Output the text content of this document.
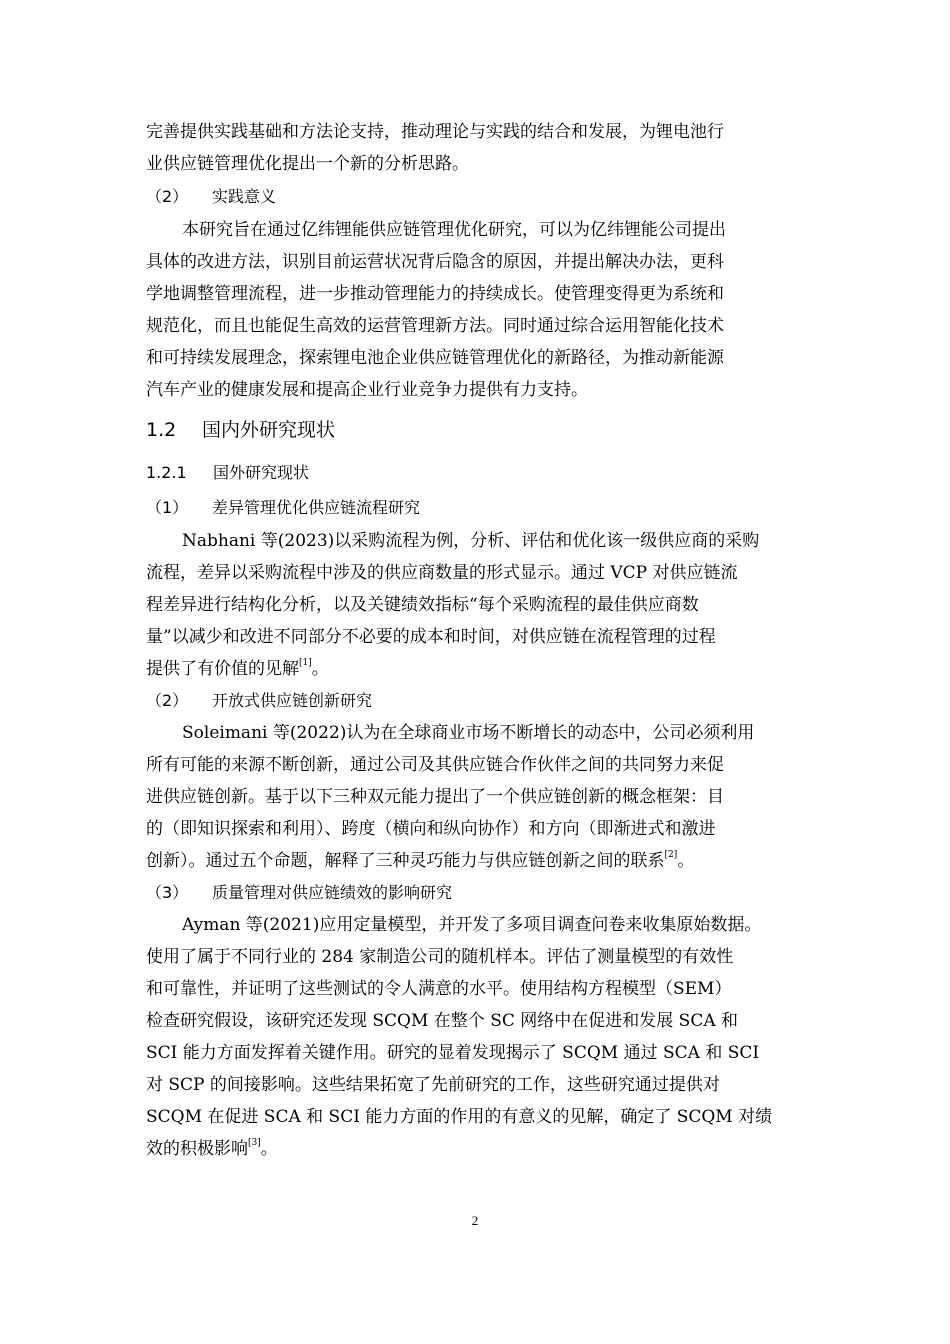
完善提供实践基础和方法论支持，推动理论与实践的结合和发展，为锂电池行
业供应链管理优化提出一个新的分析思路。
（2） 实践意义
本研究旨在通过亿纬锂能供应链管理优化研究，可以为亿纬锂能公司提出
具体的改进方法，识别目前运营状况背后隐含的原因，并提出解决办法，更科
学地调整管理流程，进一步推动管理能力的持续成长。使管理变得更为系统和
规范化，而且也能促生高效的运营管理新方法。同时通过综合运用智能化技术
和可持续发展理念，探索锂电池企业供应链管理优化的新路径，为推动新能源
汽车产业的健康发展和提高企业行业竞争力提供有力支持。
1.2 国内外研究现状
1.2.1 国外研究现状
（1） 差异管理优化供应链流程研究
Nabhani 等(2023)以采购流程为例，分析、评估和优化该一级供应商的采购
流程，差异以采购流程中涉及的供应商数量的形式显示。通过 VCP 对供应链流
程差异进行结构化分析，以及关键绩效指标“每个采购流程的最佳供应商数
量”以减少和改进不同部分不必要的成本和时间，对供应链在流程管理的过程
提供了有价值的见解[1]。
（2） 开放式供应链创新研究
Soleimani 等(2022)认为在全球商业市场不断增长的动态中，公司必须利用
所有可能的来源不断创新，通过公司及其供应链合作伙伴之间的共同努力来促
进供应链创新。基于以下三种双元能力提出了一个供应链创新的概念框架：目
的（即知识探索和利用）、跨度（横向和纵向协作）和方向（即渐进式和激进
创新）。通过五个命题，解释了三种灵巧能力与供应链创新之间的联系[2]。
（3） 质量管理对供应链绩效的影响研究
Ayman 等(2021)应用定量模型，并开发了多项目调查问卷来收集原始数据。
使用了属于不同行业的 284 家制造公司的随机样本。评估了测量模型的有效性
和可靠性，并证明了这些测试的令人满意的水平。使用结构方程模型（SEM）
检查研究假设，该研究还发现 SCQM 在整个 SC 网络中在促进和发展 SCA 和
SCI 能力方面发挥着关键作用。研究的显着发现揭示了 SCQM 通过 SCA 和 SCI
对 SCP 的间接影响。这些结果拓宽了先前研究的工作，这些研究通过提供对
SCQM 在促进 SCA 和 SCI 能力方面的作用的有意义的见解，确定了 SCQM 对绩
效的积极影响[3]。
2
